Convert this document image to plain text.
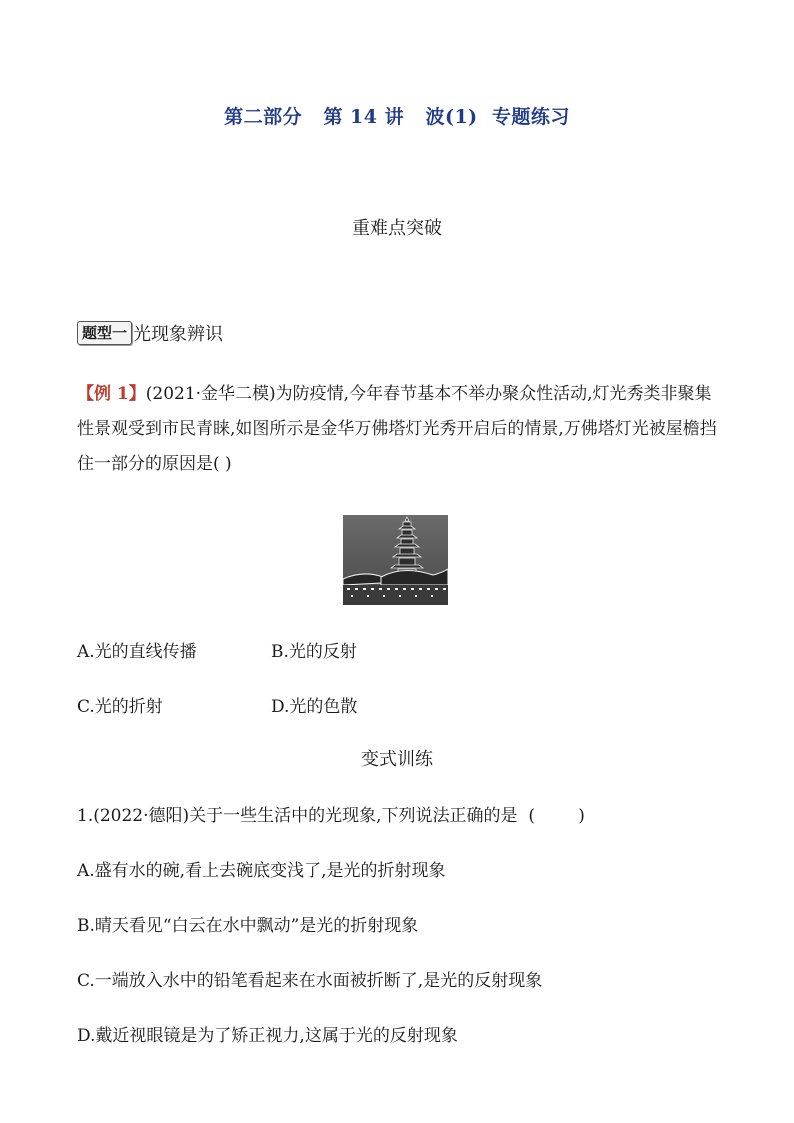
第二部分   第 14 讲   波(1)  专题练习
重难点突破
题型一 光现象辨识
【例 1】(2021·金华二模)为防疫情,今年春节基本不举办聚众性活动,灯光秀类非聚集性景观受到市民青睐,如图所示是金华万佛塔灯光秀开启后的情景,万佛塔灯光被屋檐挡住一部分的原因是( )
A.光的直线传播	B.光的反射
C.光的折射	D.光的色散
变式训练
1.(2022·德阳)关于一些生活中的光现象,下列说法正确的是  (        )
A.盛有水的碗,看上去碗底变浅了,是光的折射现象
B.晴天看见“白云在水中飘动”是光的折射现象
C.一端放入水中的铅笔看起来在水面被折断了,是光的反射现象
D.戴近视眼镜是为了矫正视力,这属于光的反射现象
